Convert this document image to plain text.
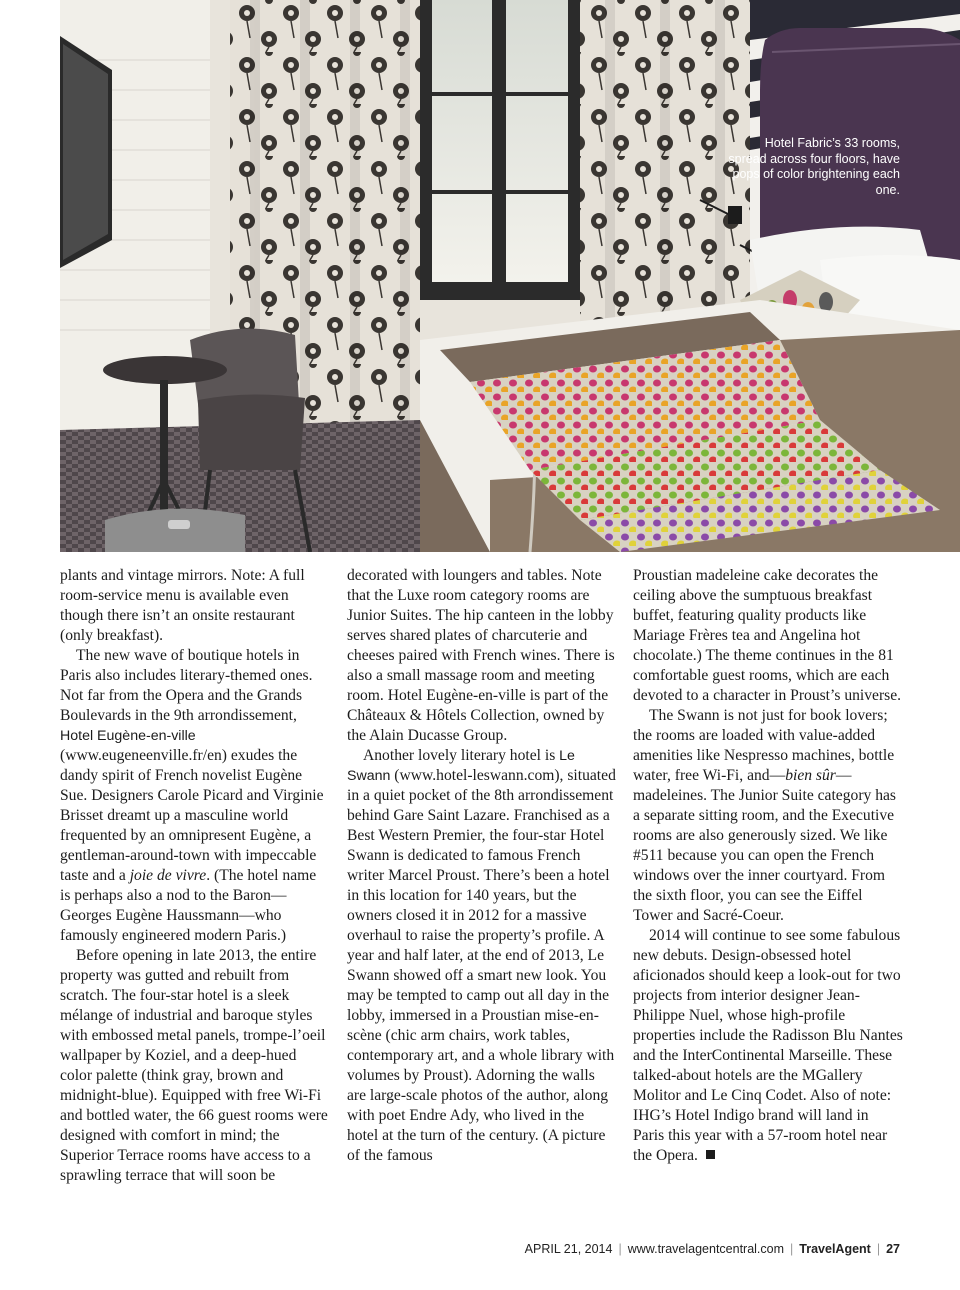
Hotel Fabric’s 33 rooms, spread across four floors, have pops of color brightening each one.

plants and vintage mirrors. Note: A full room-service menu is available even though there isn’t an onsite restaurant (only breakfast).

The new wave of boutique hotels in Paris also includes literary-themed ones. Not far from the Opera and the Grands Boulevards in the 9th arrondissement, Hotel Eugène-en-ville (www.eugeneenville.fr/en) exudes the dandy spirit of French novelist Eugène Sue. Designers Carole Picard and Virginie Brisset dreamt up a masculine world frequented by an omnipresent Eugène, a gentleman-around-town with impeccable taste and a joie de vivre. (The hotel name is perhaps also a nod to the Baron—Georges Eugène Haussmann—who famously engineered modern Paris.)

Before opening in late 2013, the entire property was gutted and rebuilt from scratch. The four-star hotel is a sleek mélange of industrial and baroque styles with embossed metal panels, trompe-l’oeil wallpaper by Koziel, and a deep-hued color palette (think gray, brown and midnight-blue). Equipped with free Wi-Fi and bottled water, the 66 guest rooms were designed with comfort in mind; the Superior Terrace rooms have access to a sprawling terrace that will soon be

decorated with loungers and tables. Note that the Luxe room category rooms are Junior Suites. The hip canteen in the lobby serves shared plates of charcuterie and cheeses paired with French wines. There is also a small massage room and meeting room. Hotel Eugène-en-ville is part of the Châteaux & Hôtels Collection, owned by the Alain Ducasse Group.

Another lovely literary hotel is Le Swann (www.hotel-leswann.com), situated in a quiet pocket of the 8th arrondissement behind Gare Saint Lazare. Franchised as a Best Western Premier, the four-star Hotel Swann is dedicated to famous French writer Marcel Proust. There’s been a hotel in this location for 140 years, but the owners closed it in 2012 for a massive overhaul to raise the property’s profile. A year and half later, at the end of 2013, Le Swann showed off a smart new look. You may be tempted to camp out all day in the lobby, immersed in a Proustian mise-en-scène (chic arm chairs, work tables, contemporary art, and a whole library with volumes by Proust). Adorning the walls are large-scale photos of the author, along with poet Endre Ady, who lived in the hotel at the turn of the century. (A picture of the famous

Proustian madeleine cake decorates the ceiling above the sumptuous breakfast buffet, featuring quality products like Mariage Frères tea and Angelina hot chocolate.) The theme continues in the 81 comfortable guest rooms, which are each devoted to a character in Proust’s universe.

The Swann is not just for book lovers; the rooms are loaded with value-added amenities like Nespresso machines, bottle water, free Wi-Fi, and—bien sûr—madeleines. The Junior Suite category has a separate sitting room, and the Executive rooms are also generously sized. We like #511 because you can open the French windows over the inner courtyard. From the sixth floor, you can see the Eiffel Tower and Sacré-Coeur.

2014 will continue to see some fabulous new debuts. Design-obsessed hotel aficionados should keep a look-out for two projects from interior designer Jean-Philippe Nuel, whose high-profile properties include the Radisson Blu Nantes and the InterContinental Marseille. These talked-about hotels are the MGallery Molitor and Le Cinq Codet. Also of note: IHG’s Hotel Indigo brand will land in Paris this year with a 57-room hotel near the Opera.

APRIL 21, 2014 | www.travelagentcentral.com | TravelAgent | 27
